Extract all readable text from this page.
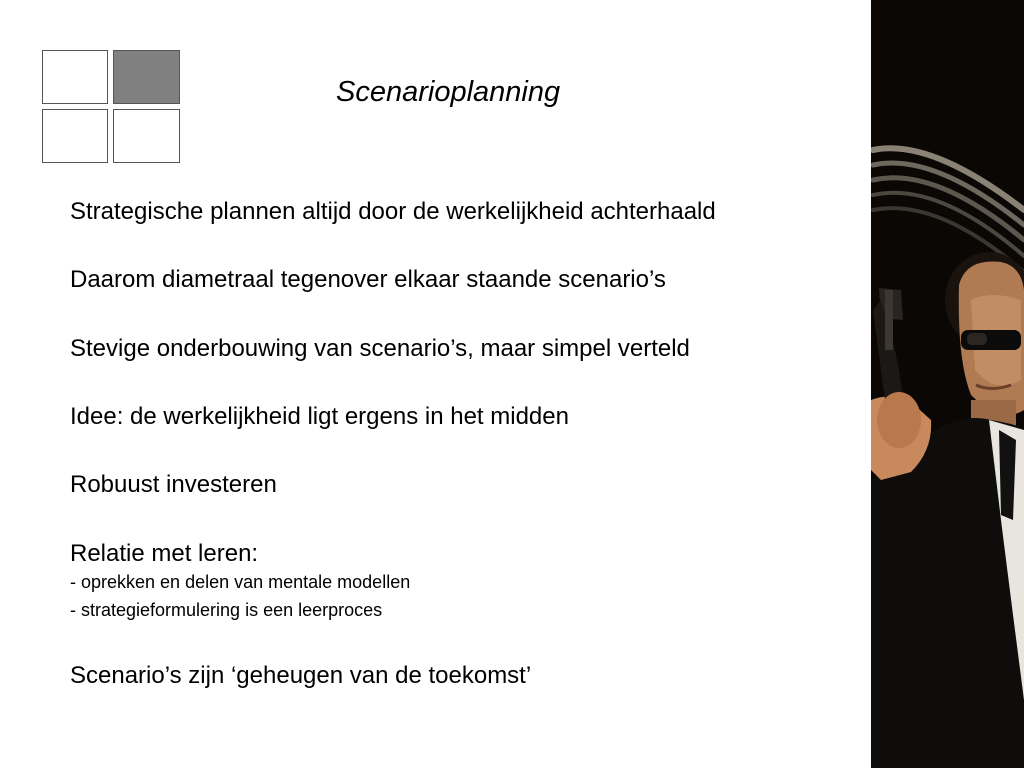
Scenarioplanning
Strategische plannen altijd door de werkelijkheid achterhaald
Daarom diametraal tegenover elkaar staande scenario’s
Stevige onderbouwing van scenario’s, maar simpel verteld
Idee: de werkelijkheid ligt ergens in het midden
Robuust investeren
Relatie met leren:
- oprekken en delen van mentale modellen
- strategieformulering is een leerproces
Scenario’s zijn ‘geheugen van de toekomst’
